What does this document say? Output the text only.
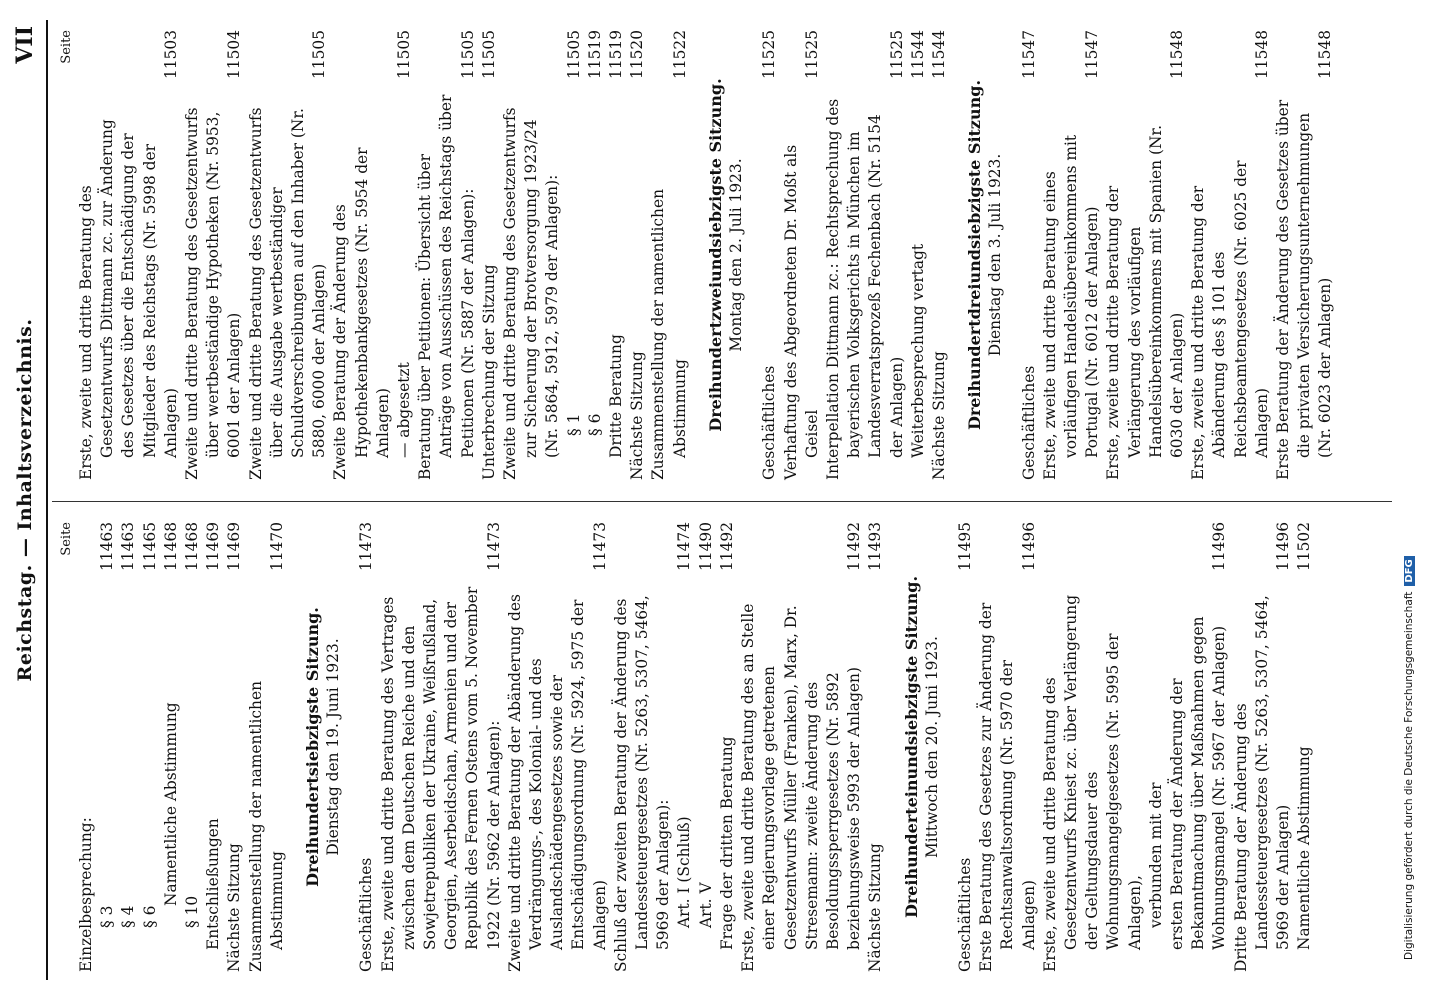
Reichstag. — Inhaltsverzeichnis.
VII
Seite
Einzelbesprechung: § 3
11463
§ 4
11463
§ 6
11465
Namentliche Abstimmung
11468
§ 10
11468
Entschließungen
11469
Nächste Sitzung
11469
Zusammenstellung der namentlichen Abstimmung
11470
Dreihundertsiebzigste Sitzung. Dienstag den 19. Juni 1923.
Geschäftliches
11473
Erste, zweite und dritte Beratung des Vertrages zwischen dem Deutschen Reiche und den Sowjetrepubliken der Ukraine, Weißrußland, Georgien, Aserbeidschan, Armenien und der Republik des Fernen Ostens vom 5. November 1922 (Nr. 5962 der Anlagen):
11473
Zweite und dritte Beratung der Abänderung des Verdrängungs-, des Kolonial- und des Auslandschädengesetzes sowie der Entschädigungsordnung (Nr. 5924, 5975 der Anlagen)
11473
Schluß der zweiten Beratung der Änderung des Landessteuergesetzes (Nr. 5263, 5307, 5464, 5969 der Anlagen): Art. I (Schluß)
11474
Art. V
11490
Frage der dritten Beratung
11492
Erste, zweite und dritte Beratung des an Stelle einer Regierungsvorlage getretenen Gesetzentwurfs Müller (Franken), Marx, Dr. Stresemann: zweite Änderung des Besoldungssperrgesetzes (Nr. 5892 beziehungsweise 5993 der Anlagen)
11492
Nächste Sitzung
11493
Dreihunderteinundsiebzigste Sitzung. Mittwoch den 20. Juni 1923.
Geschäftliches
11495
Erste Beratung des Gesetzes zur Änderung der Rechtsanwaltsordnung (Nr. 5970 der Anlagen)
11496
Erste, zweite und dritte Beratung des Gesetzentwurfs Kniest zc. über Verlängerung der Geltungsdauer des Wohnungsmangelgesetzes (Nr. 5995 der Anlagen), verbunden mit der ersten Beratung der Änderung der Bekanntmachung über Maßnahmen gegen Wohnungsmangel (Nr. 5967 der Anlagen)
11496
Dritte Beratung der Änderung des Landessteuergesetzes (Nr. 5263, 5307, 5464, 5969 der Anlagen)
11496
Namentliche Abstimmung
11502
Seite
Erste, zweite und dritte Beratung des Gesetzentwurfs Dittmann zc. zur Änderung des Gesetzes über die Entschädigung der Mitglieder des Reichstags (Nr. 5998 der Anlagen)
11503
Zweite und dritte Beratung des Gesetzentwurfs über wertbeständige Hypotheken (Nr. 5953, 6001 der Anlagen)
11504
Zweite und dritte Beratung des Gesetzentwurfs über die Ausgabe wertbeständiger Schuldverschreibungen auf den Inhaber (Nr. 5880, 6000 der Anlagen)
11505
Zweite Beratung der Änderung des Hypothekenbankgesetzes (Nr. 5954 der Anlagen) — abgesetzt
11505
Beratung über Petitionen: Übersicht über Anträge von Ausschüssen des Reichstags über Petitionen (Nr. 5887 der Anlagen):
11505
Unterbrechung der Sitzung
11505
Zweite und dritte Beratung des Gesetzentwurfs zur Sicherung der Brotversorgung 1923/24 (Nr. 5864, 5912, 5979 der Anlagen): § 1
11505
§ 6
11519
Dritte Beratung
11519
Nächste Sitzung
11520
Zusammenstellung der namentlichen Abstimmung
11522
Dreihundertzweiundsiebzigste Sitzung. Montag den 2. Juli 1923.
Geschäftliches
11525
Verhaftung des Abgeordneten Dr. Moßt als Geisel
11525
Interpellation Dittmann zc.: Rechtsprechung des bayerischen Volksgerichts in München im Landesverratsprozeß Fechenbach (Nr. 5154 der Anlagen)
11525
Weiterbesprechung vertagt
11544
Nächste Sitzung
11544
Dreihundertdreiundsiebzigste Sitzung. Dienstag den 3. Juli 1923.
Geschäftliches
11547
Erste, zweite und dritte Beratung eines vorläufigen Handelsübereinkommens mit Portugal (Nr. 6012 der Anlagen)
11547
Erste, zweite und dritte Beratung der Verlängerung des vorläufigen Handelsübereinkommens mit Spanien (Nr. 6030 der Anlagen)
11548
Erste, zweite und dritte Beratung der Abänderung des § 101 des Reichsbeamtengesetzes (Nr. 6025 der Anlagen)
11548
Erste Beratung der Änderung des Gesetzes über die privaten Versicherungsunternehmungen (Nr. 6023 der Anlagen)
11548
Digitalisierung gefördert durch die Deutsche ForschungsgemeinschaftDFG
